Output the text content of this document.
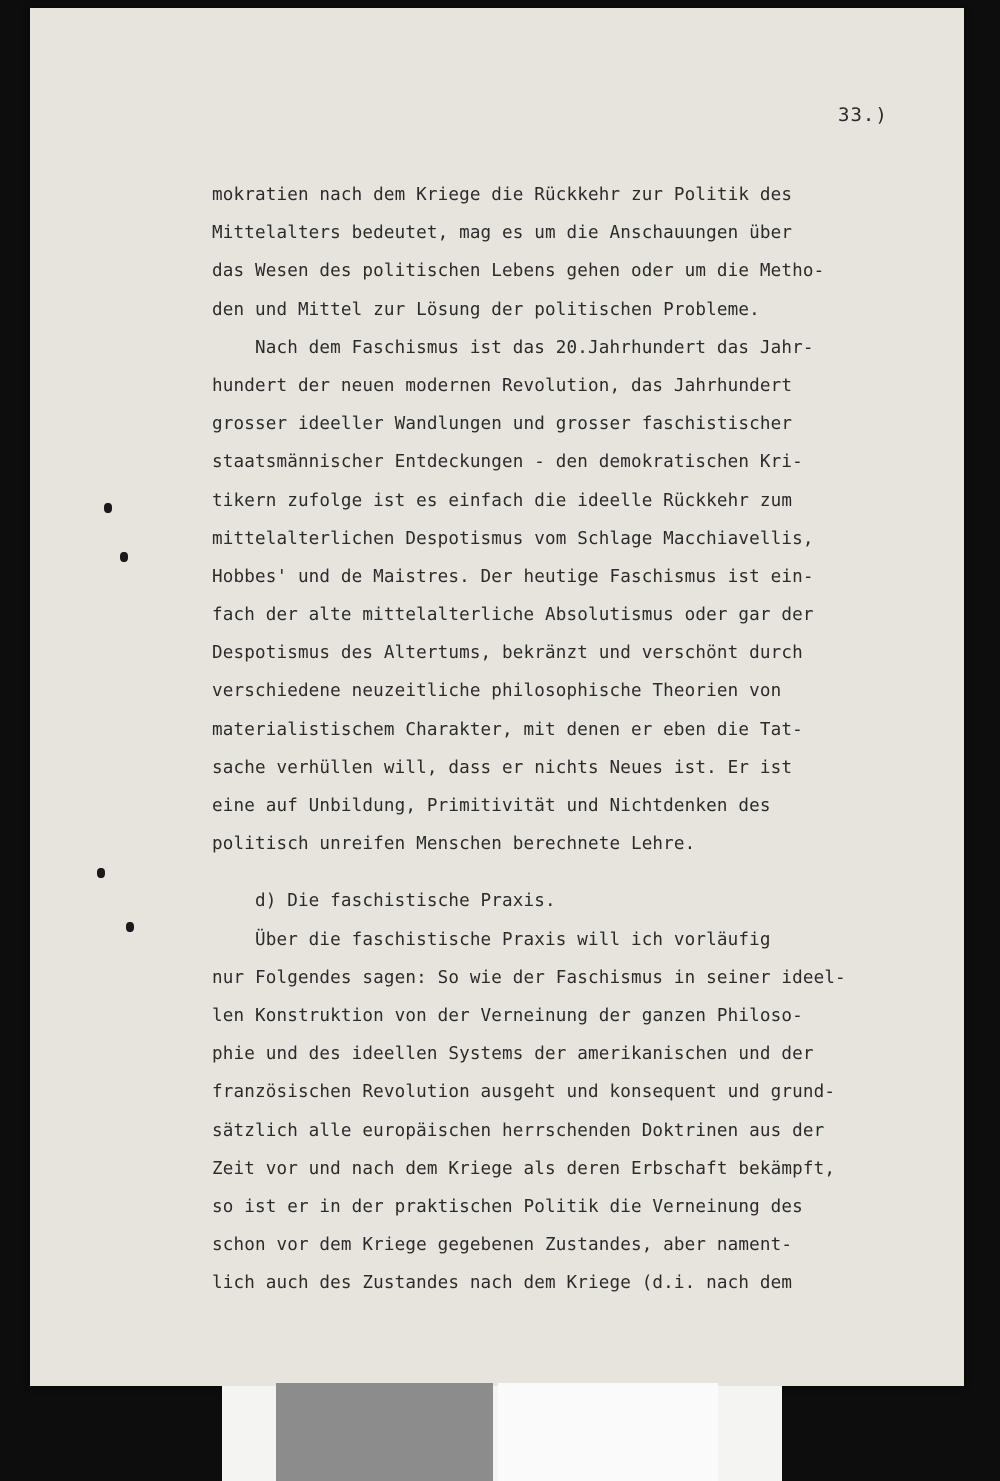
33.)
mokratien nach dem Kriege die Rückkehr zur Politik des
Mittelalters bedeutet, mag es um die Anschauungen über
das Wesen des politischen Lebens gehen oder um die Metho-
den und Mittel zur Lösung der politischen Probleme.
Nach dem Faschismus ist das 20.Jahrhundert das Jahr-
hundert der neuen modernen Revolution, das Jahrhundert
grosser ideeller Wandlungen und grosser faschistischer
staatsmännischer Entdeckungen - den demokratischen Kri-
tikern zufolge ist es einfach die ideelle Rückkehr zum
mittelalterlichen Despotismus vom Schlage Macchiavellis,
Hobbes' und de Maistres. Der heutige Faschismus ist ein-
fach der alte mittelalterliche Absolutismus oder gar der
Despotismus des Altertums, bekränzt und verschönt durch
verschiedene neuzeitliche philosophische Theorien von
materialistischem Charakter, mit denen er eben die Tat-
sache verhüllen will, dass er nichts Neues ist. Er ist
eine auf Unbildung, Primitivität und Nichtdenken des
politisch unreifen Menschen berechnete Lehre.
d) Die faschistische Praxis.
Über die faschistische Praxis will ich vorläufig
nur Folgendes sagen: So wie der Faschismus in seiner ideel-
len Konstruktion von der Verneinung der ganzen Philoso-
phie und des ideellen Systems der amerikanischen und der
französischen Revolution ausgeht und konsequent und grund-
sätzlich alle europäischen herrschenden Doktrinen aus der
Zeit vor und nach dem Kriege als deren Erbschaft bekämpft,
so ist er in der praktischen Politik die Verneinung des
schon vor dem Kriege gegebenen Zustandes, aber nament-
lich auch des Zustandes nach dem Kriege (d.i. nach dem
